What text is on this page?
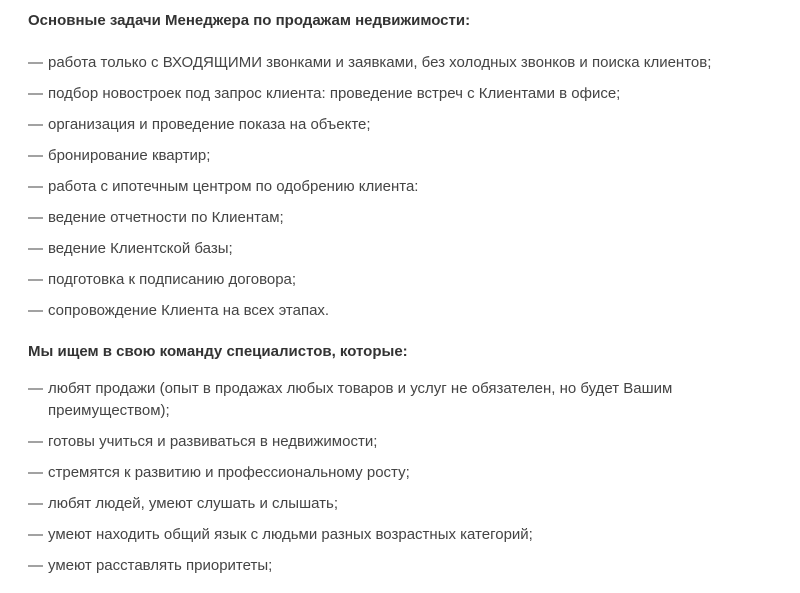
Основные задачи Менеджера по продажам недвижимости:
— работа только с ВХОДЯЩИМИ звонками и заявками, без холодных звонков и поиска клиентов;
— подбор новостроек под запрос клиента: проведение встреч с Клиентами в офисе;
— организация и проведение показа на объекте;
— бронирование квартир;
— работа с ипотечным центром по одобрению клиента:
— ведение отчетности по Клиентам;
— ведение Клиентской базы;
— подготовка к подписанию договора;
— сопровождение Клиента на всех этапах.
Мы ищем в свою команду специалистов, которые:
— любят продажи (опыт в продажах любых товаров и услуг не обязателен, но будет Вашим преимуществом);
— готовы учиться и развиваться в недвижимости;
— стремятся к развитию и профессиональному росту;
— любят людей, умеют слушать и слышать;
— умеют находить общий язык с людьми разных возрастных категорий;
— умеют расставлять приоритеты;
